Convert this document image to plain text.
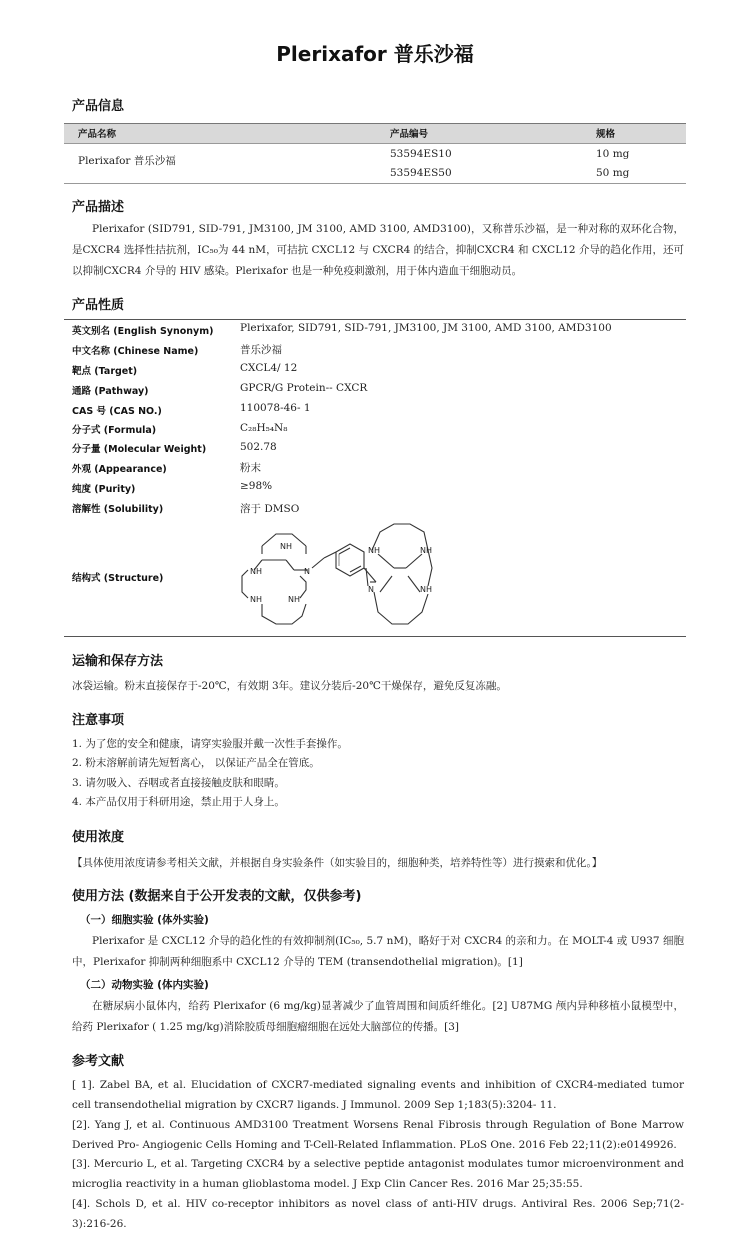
Plerixafor 普乐沙福
产品信息
产品名称	产品编号	规格
Plerixafor 普乐沙福
53594ES10	10 mg
53594ES50	50 mg
产品描述
Plerixafor (SID791, SID-791, JM3100, JM 3100, AMD 3100, AMD3100)，又称普乐沙福，是一种对称的双环化合物，是CXCR4 选择性拮抗剂，IC₅₀为 44 nM，可拮抗 CXCL12 与 CXCR4 的结合，抑制CXCR4 和 CXCL12 介导的趋化作用，还可以抑制CXCR4 介导的 HIV 感染。Plerixafor 也是一种免疫刺激剂，用于体内造血干细胞动员。
产品性质
英文别名 (English Synonym)	Plerixafor, SID791, SID-791, JM3100, JM 3100, AMD 3100, AMD3100
中文名称 (Chinese Name)	普乐沙福
靶点 (Target)	CXCL4/ 12
通路 (Pathway)	GPCR/G Protein-- CXCR
CAS 号 (CAS NO.)	110078-46- 1
分子式 (Formula)	C₂₈H₅₄N₈
分子量 (Molecular Weight)	502.78
外观 (Appearance)	粉末
纯度 (Purity)	≥98%
溶解性 (Solubility)	溶于 DMSO
结构式 (Structure)
NH
N
NH
NH	NH
NH	NH
N	NH
运输和保存方法
冰袋运输。粉末直接保存于-20℃，有效期 3年。建议分装后-20℃干燥保存，避免反复冻融。
注意事项
1. 为了您的安全和健康，请穿实验服并戴一次性手套操作。
2. 粉末溶解前请先短暂离心， 以保证产品全在管底。
3. 请勿吸入、吞咽或者直接接触皮肤和眼睛。
4. 本产品仅用于科研用途，禁止用于人身上。
使用浓度
【具体使用浓度请参考相关文献，并根据自身实验条件（如实验目的，细胞种类，培养特性等）进行摸索和优化。】
使用方法 (数据来自于公开发表的文献，仅供参考)
（一）细胞实验 (体外实验)
Plerixafor 是 CXCL12 介导的趋化性的有效抑制剂(IC₅₀, 5.7 nM)，略好于对 CXCR4 的亲和力。在 MOLT-4 或 U937 细胞中，Plerixafor 抑制两种细胞系中 CXCL12 介导的 TEM (transendothelial migration)。[1]
（二）动物实验 (体内实验)
在糖尿病小鼠体内，给药 Plerixafor (6 mg/kg)显著减少了血管周围和间质纤维化。[2] U87MG 颅内异种移植小鼠模型中，给药 Plerixafor ( 1.25 mg/kg)消除胶质母细胞瘤细胞在远处大脑部位的传播。[3]
参考文献
[ 1]. Zabel BA, et al. Elucidation of CXCR7-mediated signaling events and inhibition of CXCR4-mediated tumor cell transendothelial migration by CXCR7 ligands. J Immunol. 2009 Sep 1;183(5):3204- 11.
[2]. Yang J, et al. Continuous AMD3100 Treatment Worsens Renal Fibrosis through Regulation of Bone Marrow Derived Pro- Angiogenic Cells Homing and T-Cell-Related Inflammation. PLoS One. 2016 Feb 22;11(2):e0149926.
[3]. Mercurio L, et al. Targeting CXCR4 by a selective peptide antagonist modulates tumor microenvironment and microglia reactivity in a human glioblastoma model. J Exp Clin Cancer Res. 2016 Mar 25;35:55.
[4]. Schols D, et al. HIV co-receptor inhibitors as novel class of anti-HIV drugs. Antiviral Res. 2006 Sep;71(2-3):216-26.
